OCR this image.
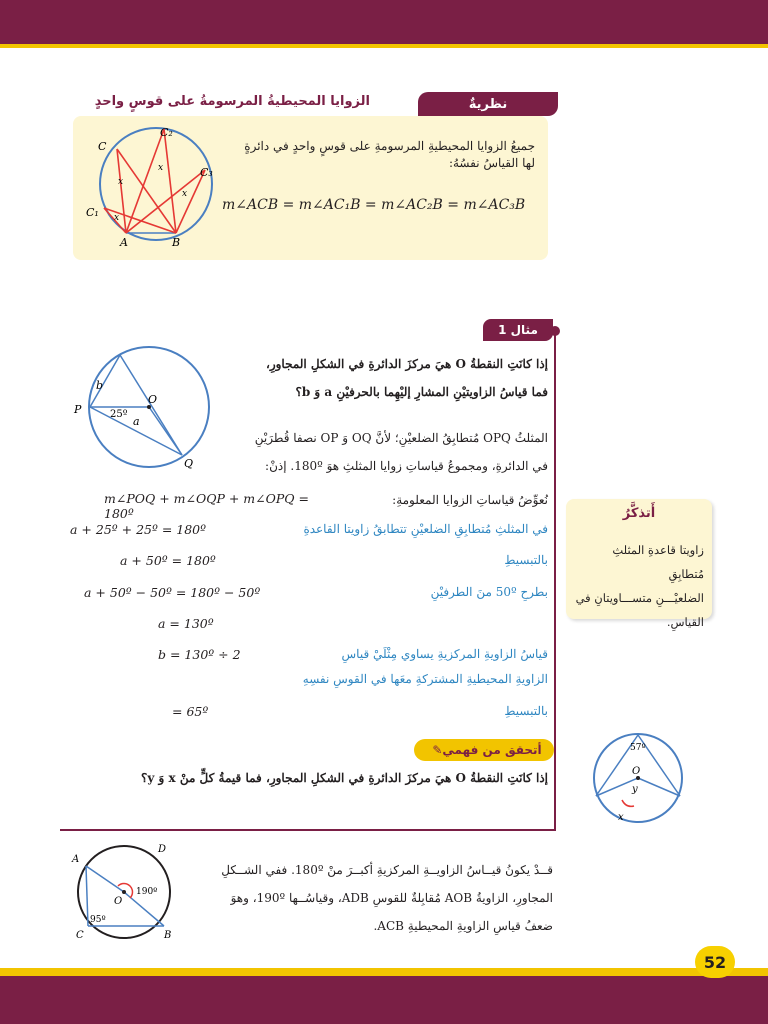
52
الزوايا المحيطيةُ المرسومةُ على قوسٍ واحدٍ	نظريةٌ
جميعُ الزوايا المحيطيةِ المرسومةِ على قوسٍ واحدٍ في دائرةٍ
لها القياسُ نفسُهُ:
m∠ACB = m∠AC₁B = m∠AC₂B = m∠AC₃B
C
C₂
C₃
C₁
A	B
x
x
x
x
مثال 1
إذا كانَتِ النقطةُ O هيَ مركزَ الدائرةِ في الشكلِ المجاورِ،
فما قياسُ الزاويتيْنِ المشارِ إليْهِما بالحرفيْنِ a وَ b؟
المثلثُ OPQ مُتطابِقُ الضلعيْنِ؛ لأنَّ OQ وَ OP نصفا قُطرَيْنِ
في الدائرةِ، ومجموعُ قياساتِ زوايا المثلثِ هوَ 180º. إذنْ:
نُعوِّضُ قياساتِ الزوايا المعلومةِ:
m∠POQ + m∠OQP + m∠OPQ = 180º
P
Q
O
a
b
25º
a + 25º + 25º = 180º	في المثلثِ مُتطابِقِ الضلعيْنِ تتطابقُ زاويتا القاعدةِ
a + 50º = 180º	بالتبسيطِ
a + 50º − 50º = 180º − 50º	بطرحِ 50º منَ الطرفيْنِ
a = 130º
b = 130º ÷ 2	قياسُ الزاويةِ المركزيةِ يساوي مِثْلَيْ قياسِ
الزاويةِ المحيطيةِ المشتركةِ معَها في القوسِ نفسِهِ
= 65º	بالتبسيطِ
أَتذكَّرُ
زاويتا قاعدةِ المثلثِ مُتطابِقِ
الضلعيْـــنِ متســـاويتانِ في
القياسِ.
✎ أتحقق من فهمي
إذا كانَتِ النقطةُ O هيَ مركزَ الدائرةِ في الشكلِ المجاورِ، فما قيمةُ كلٍّ منْ x وَ y؟
57º
O
y
x
قــدْ يكونُ قيــاسُ الزاويــةِ المركزيةِ أكبــرَ منْ 180º. ففي الشــكلِ
المجاورِ، الزاويةُ AOB مُقابِلةٌ للقوسِ ADB، وقياسُــها 190º، وهوَ
ضعفُ قياسِ الزاويةِ المحيطيةِ ACB.
A
D
C	B
O
190º
95º
